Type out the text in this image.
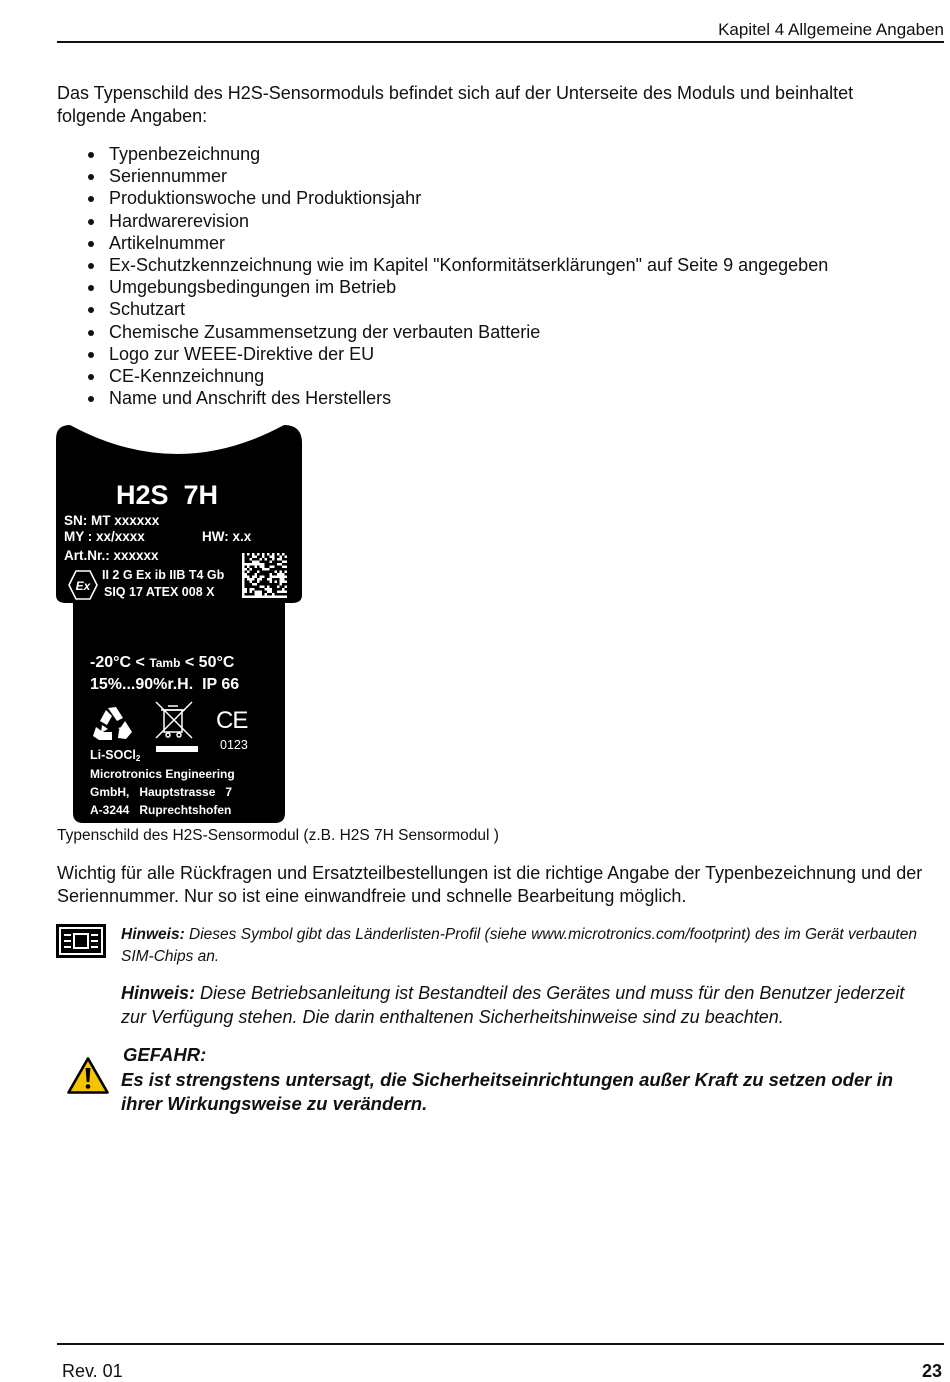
Kapitel 4 Allgemeine Angaben

Das Typenschild des H2S-Sensormoduls befindet sich auf der Unterseite des Moduls und beinhaltet folgende Angaben:

Typenbezeichnung
Seriennummer
Produktionswoche und Produktionsjahr
Hardwarerevision
Artikelnummer
Ex-Schutzkennzeichnung wie im Kapitel "Konformitätserklärungen" auf Seite 9 angegeben
Umgebungsbedingungen im Betrieb
Schutzart
Chemische Zusammensetzung der verbauten Batterie
Logo zur WEEE-Direktive der EU
CE-Kennzeichnung
Name und Anschrift des Herstellers
H2S  7H
SN: MT xxxxxx
MY : xx/xxxx	HW: x.x
Art.Nr.: xxxxxx
Ex
II 2 G Ex ib IIB T4 Gb
SIQ 17 ATEX 008 X
-20°C < Tamb < 50°C
15%...90%r.H.  IP 66
CE
0123
Li-SOCl2
Microtronics Engineering
GmbH,   Hauptstrasse   7
A-3244   Ruprechtshofen
Typenschild des H2S-Sensormodul (z.B. H2S 7H Sensormodul )

Wichtig für alle Rückfragen und Ersatzteilbestellungen ist die richtige Angabe der Typenbezeichnung und der Seriennummer. Nur so ist eine einwandfreie und schnelle Bearbeitung möglich.

Hinweis: Dieses Symbol gibt das Länderlisten-Profil (siehe www.microtronics.com/footprint) des im Gerät verbauten SIM-Chips an.
Hinweis: Diese Betriebsanleitung ist Bestandteil des Gerätes und muss für den Benutzer jederzeit zur Verfügung stehen. Die darin enthaltenen Sicherheitshinweise sind zu beachten.
GEFAHR:
Es ist strengstens untersagt, die Sicherheitseinrichtungen außer Kraft zu setzen oder in ihrer Wirkungsweise zu verändern.
Rev. 01	23
